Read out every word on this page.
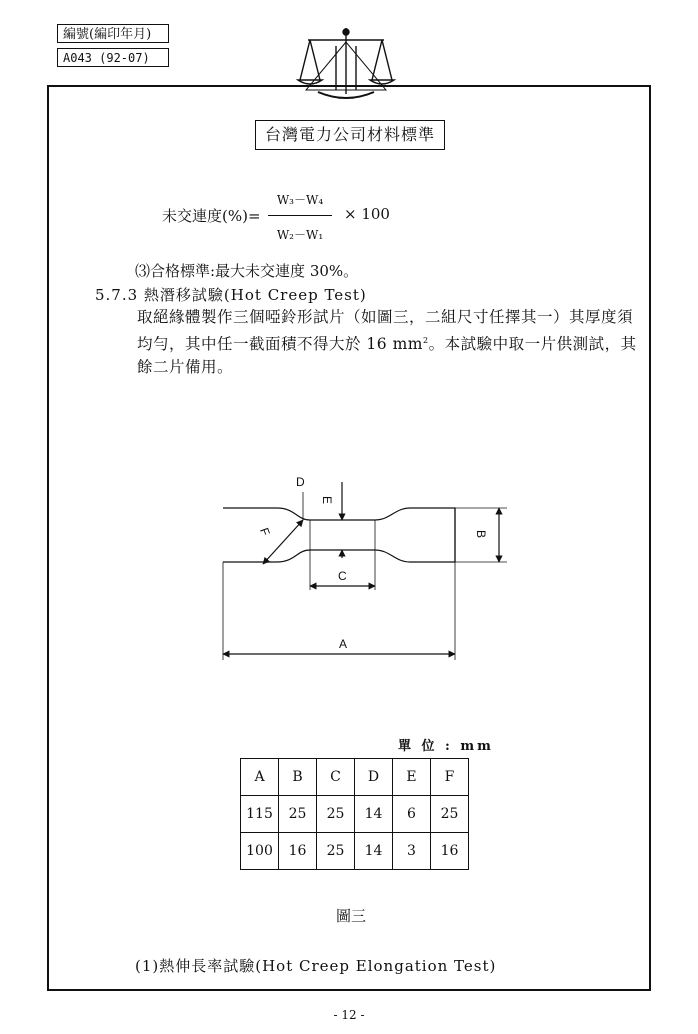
編號(編印年月)
A043 (92-07)
台灣電力公司材料標準
未交連度(%)=
W₃－W₄
W₂－W₁
× 100
⑶合格標準:最大未交連度 30%。
5.7.3 熱潛移試驗(Hot Creep Test)

取絕緣體製作三個啞鈴形試片（如圖三，二組尺寸任擇其一）其厚度須均勻，其中任一截面積不得大於 16 $mm^2$。本試驗中取一片供測試，其餘二片備用。

A
B
C
D
E
F
單 位 : mm
A	B	C	D	E	F
115	25	25	14	6	25
100	16	25	14	3	16
圖三
(1)熱伸長率試驗(Hot Creep Elongation Test)
- 12 -
